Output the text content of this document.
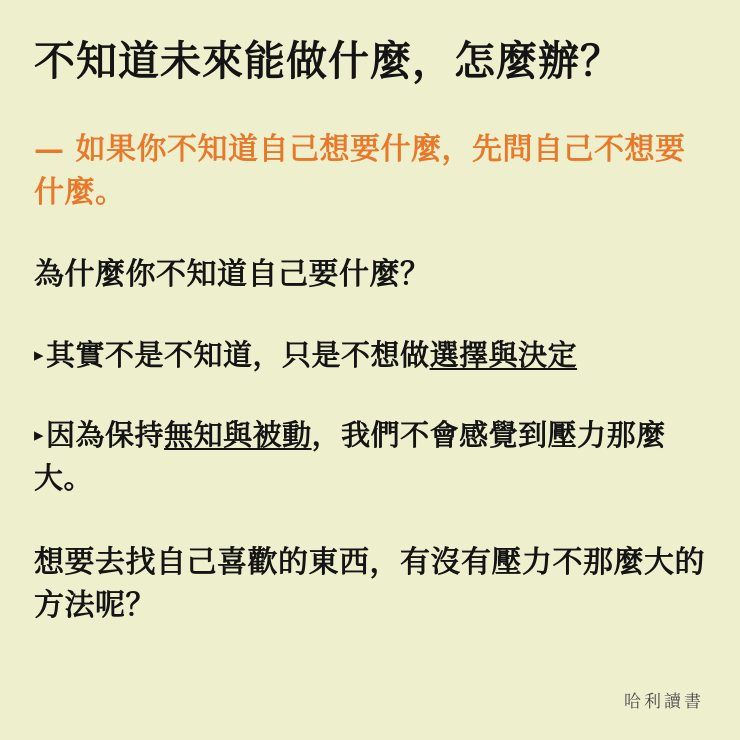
不知道未來能做什麼，怎麼辦？

— 如果你不知道自己想要什麼，先問自己不想要什麼。

為什麼你不知道自己要什麼？

▸其實不是不知道，只是不想做選擇與決定

▸因為保持無知與被動，我們不會感覺到壓力那麼大。

想要去找自己喜歡的東西，有沒有壓力不那麼大的方法呢？

哈利讀書
